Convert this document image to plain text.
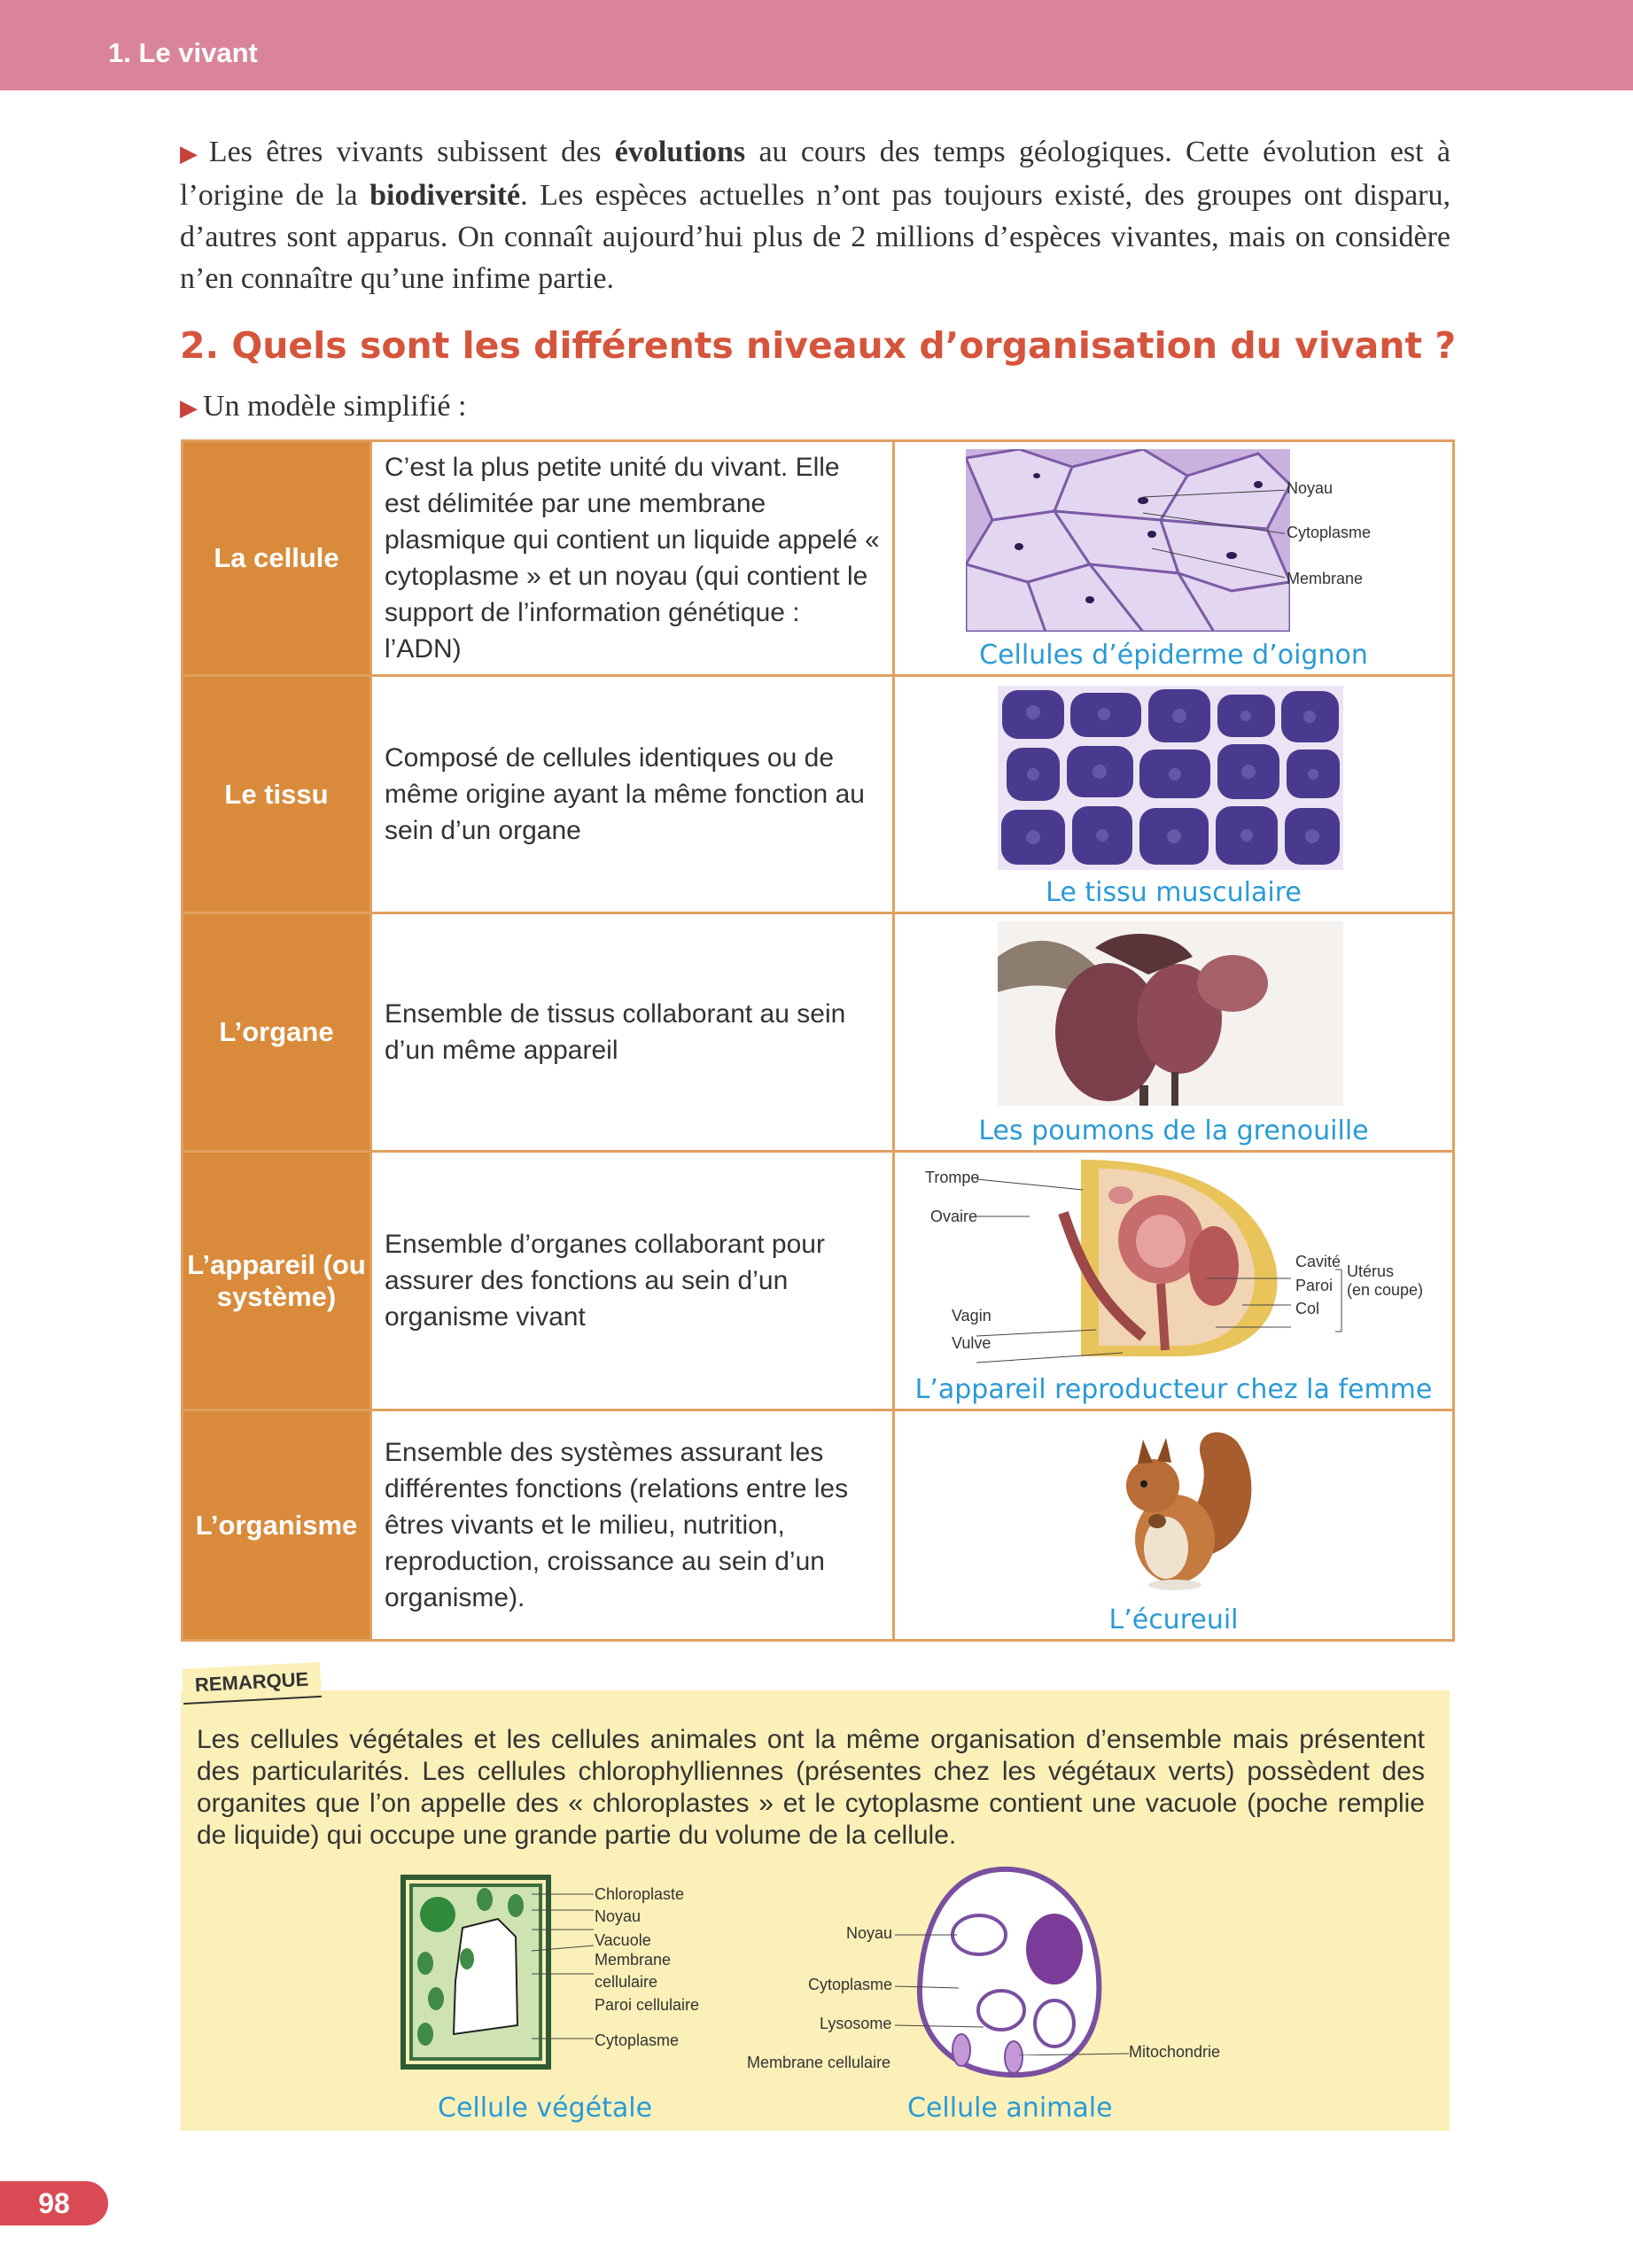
1. Le vivant
▶ Les êtres vivants subissent des évolutions au cours des temps géologiques. Cette évolution est à l’origine de la biodiversité. Les espèces actuelles n’ont pas toujours existé, des groupes ont disparu, d’autres sont apparus. On connaît aujourd’hui plus de 2 millions d’espèces vivantes, mais on considère n’en connaître qu’une infime partie.
2. Quels sont les différents niveaux d’organisation du vivant ?
▶ Un modèle simplifié :
La cellule
C’est la plus petite unité du vivant. Elle est délimitée par une membrane plasmique qui contient un liquide appelé « cytoplasme » et un noyau (qui contient le support de l’information génétique : l’ADN)
Noyau
Cytoplasme
Membrane
Cellules d’épiderme d’oignon
Le tissu
Composé de cellules identiques ou de même origine ayant la même fonction au sein d’un organe
Le tissu musculaire
L’organe
Ensemble de tissus collaborant au sein d’un même appareil
Les poumons de la grenouille
L’appareil (ou système)
Ensemble d’organes collaborant pour assurer des fonctions au sein d’un organisme vivant
Trompe
Ovaire
Vagin
Vulve
Cavité
Paroi
Col
Utérus
(en coupe)
L’appareil reproducteur chez la femme
L’organisme
Ensemble des systèmes assurant les différentes fonctions (relations entre les êtres vivants et le milieu, nutrition, reproduction, croissance au sein d’un organisme).
L’écureuil
REMARQUE
Les cellules végétales et les cellules animales ont la même organisation d’ensemble mais présentent des particularités. Les cellules chlorophylliennes (présentes chez les végétaux verts) possèdent des organites que l’on appelle des « chloroplastes » et le cytoplasme contient une vacuole (poche remplie de liquide) qui occupe une grande partie du volume de la cellule.
Chloroplaste
Noyau
Vacuole
Membrane
cellulaire
Paroi cellulaire
Cytoplasme
Cellule végétale
Noyau
Cytoplasme
Lysosome
Membrane cellulaire
Mitochondrie
Cellule animale
98
